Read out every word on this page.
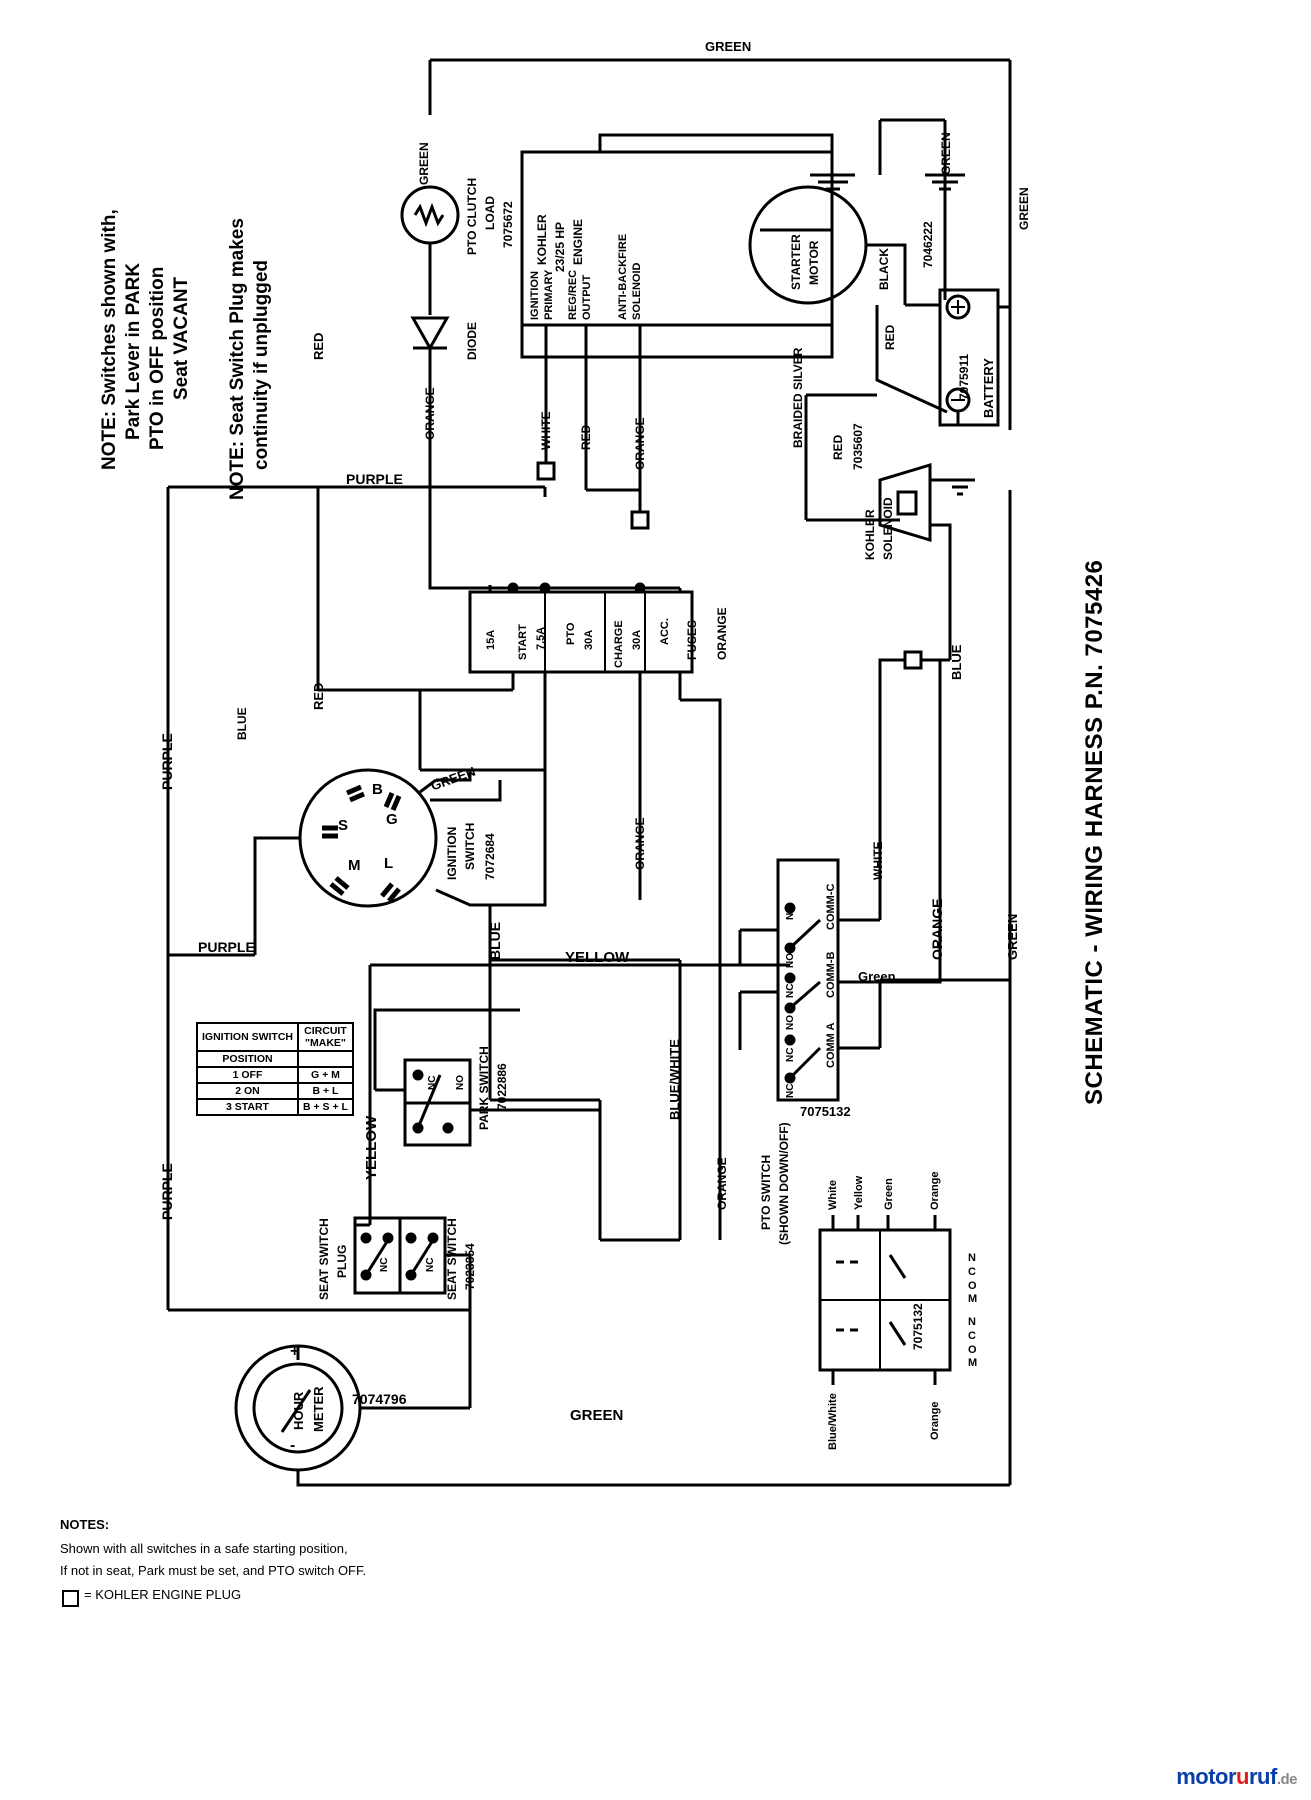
NOTE: Switches shown with, Park Lever in PARK PTO in OFF position Seat VACANT NOTE: Seat Switch Plug makes continuity if unplugged
GREEN
GREEN	GREEN
GREEN
RED
ORANGE	WHITE RED	ORANGE	BRAIDED SILVER RED
BLACK
RED
PURPLE
PURPLE
PURPLE
PURPLE
RED
BLUE
ORANGE
ORANGE
ORANGE
ORANGE
WHITE
BLUE
GREEN
BLUE	YELLOW
YELLOW
BLUE/WHITE
GREEN
GREEN
Green
PTO CLUTCH LOAD 7075672
DIODE
KOHLER 23/25 HP ENGINE
IGNITION PRIMARY REG/REC OUTPUT ANTI-BACKFIRE SOLENOID
STARTER MOTOR
BATTERY
7075911
7046222
KOHLER SOLENOID
7035607
15A START 7.5A PTO 30A CHARGE 30A ACC. FUSES
B
G
S
M L	IGNITION SWITCH 7072684
IGNITION SWITCH	CIRCUIT
"MAKE"
POSITION	
1 OFF	G + M
2 ON	B + L
3 START	B + S + L	PARK SWITCH 7022886
NC NO
SEAT SWITCH PLUG	NC	SEAT SWITCH 7023354
NC
HOUR METER
+
-
7074796
NO
NO
NC
NO
NC
NC
COMM-C
COMM-B
COMM A
PTO SWITCH (SHOWN DOWN/OFF)
7075132
White Yellow Green	Orange
Blue/White	Orange
N
C
O
M
N
C
O
M
7075132
SCHEMATIC - WIRING HARNESS P.N. 7075426
NOTES:
Shown with all switches in a safe starting position,
If not in seat, Park must be set, and PTO switch OFF.
= KOHLER ENGINE PLUG
motoruruf.de
